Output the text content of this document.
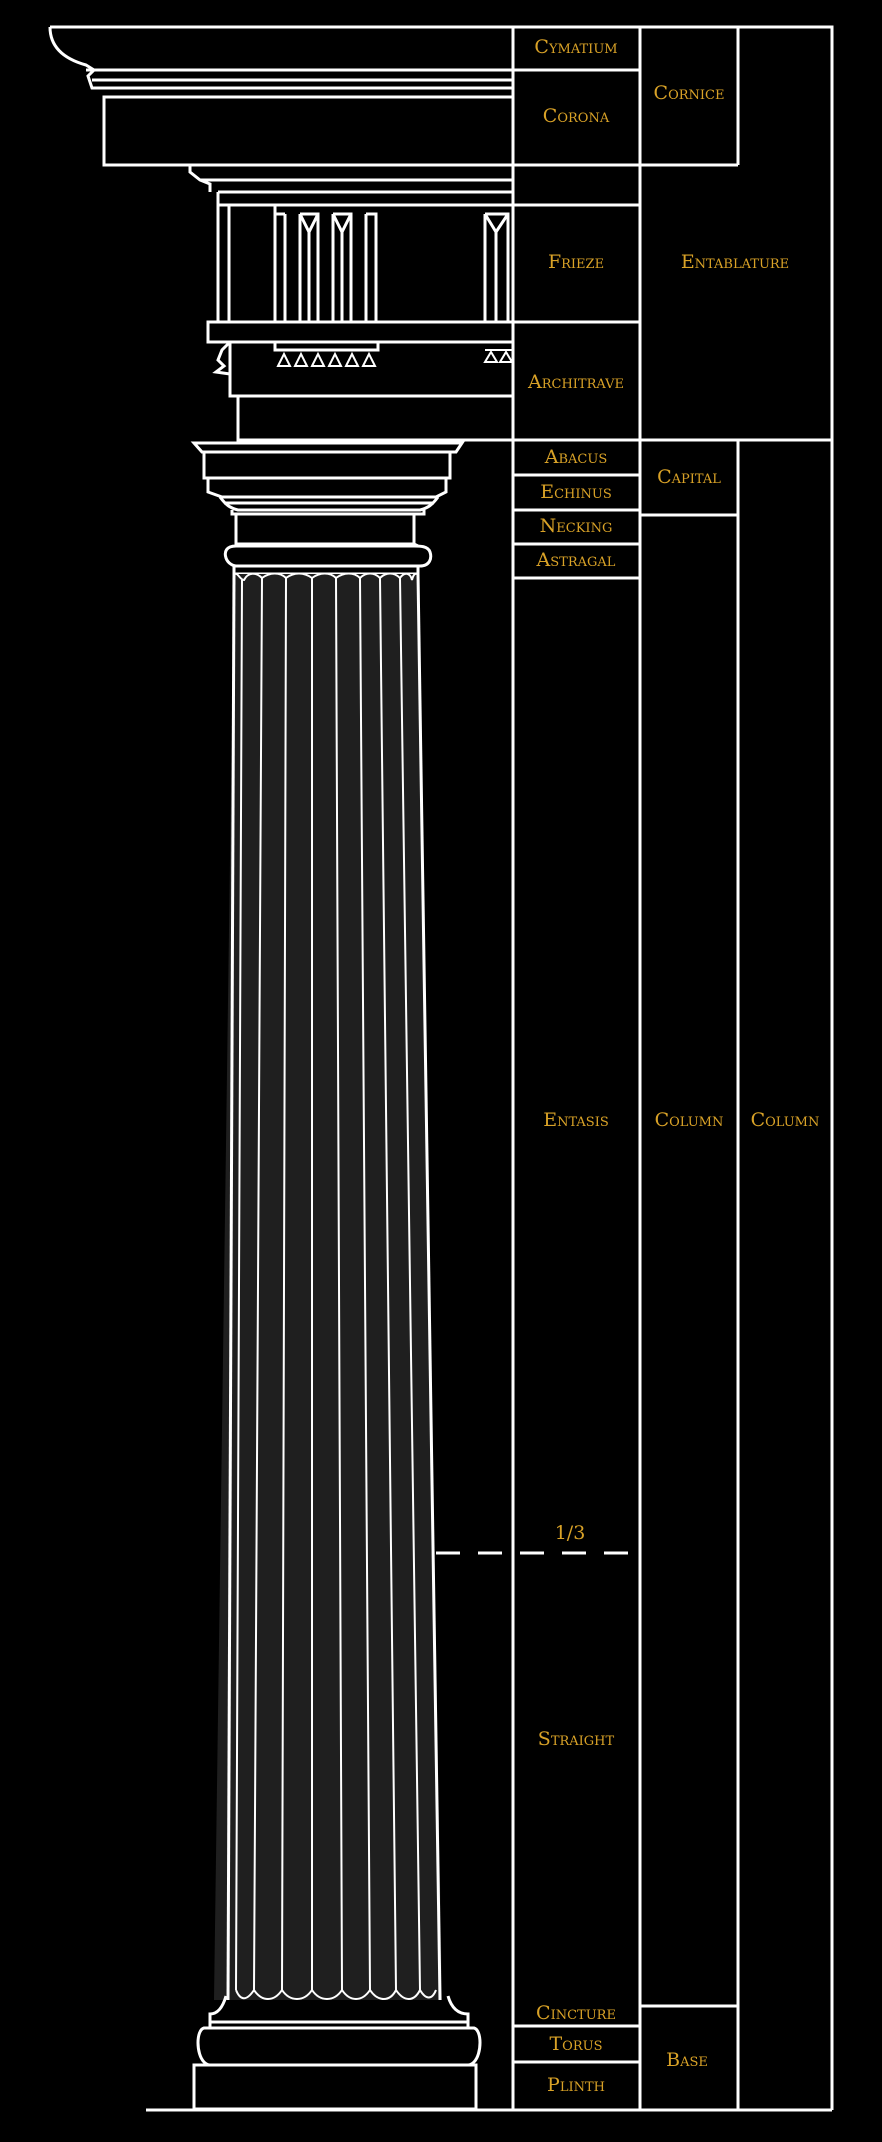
Cymatium
Corona
Frieze
Architrave
Abacus
Echinus
Necking
Astragal
Entasis
1/3
Straight
Cincture
Torus
Plinth
Cornice
Entablature
Capital
Column
Base
Column
